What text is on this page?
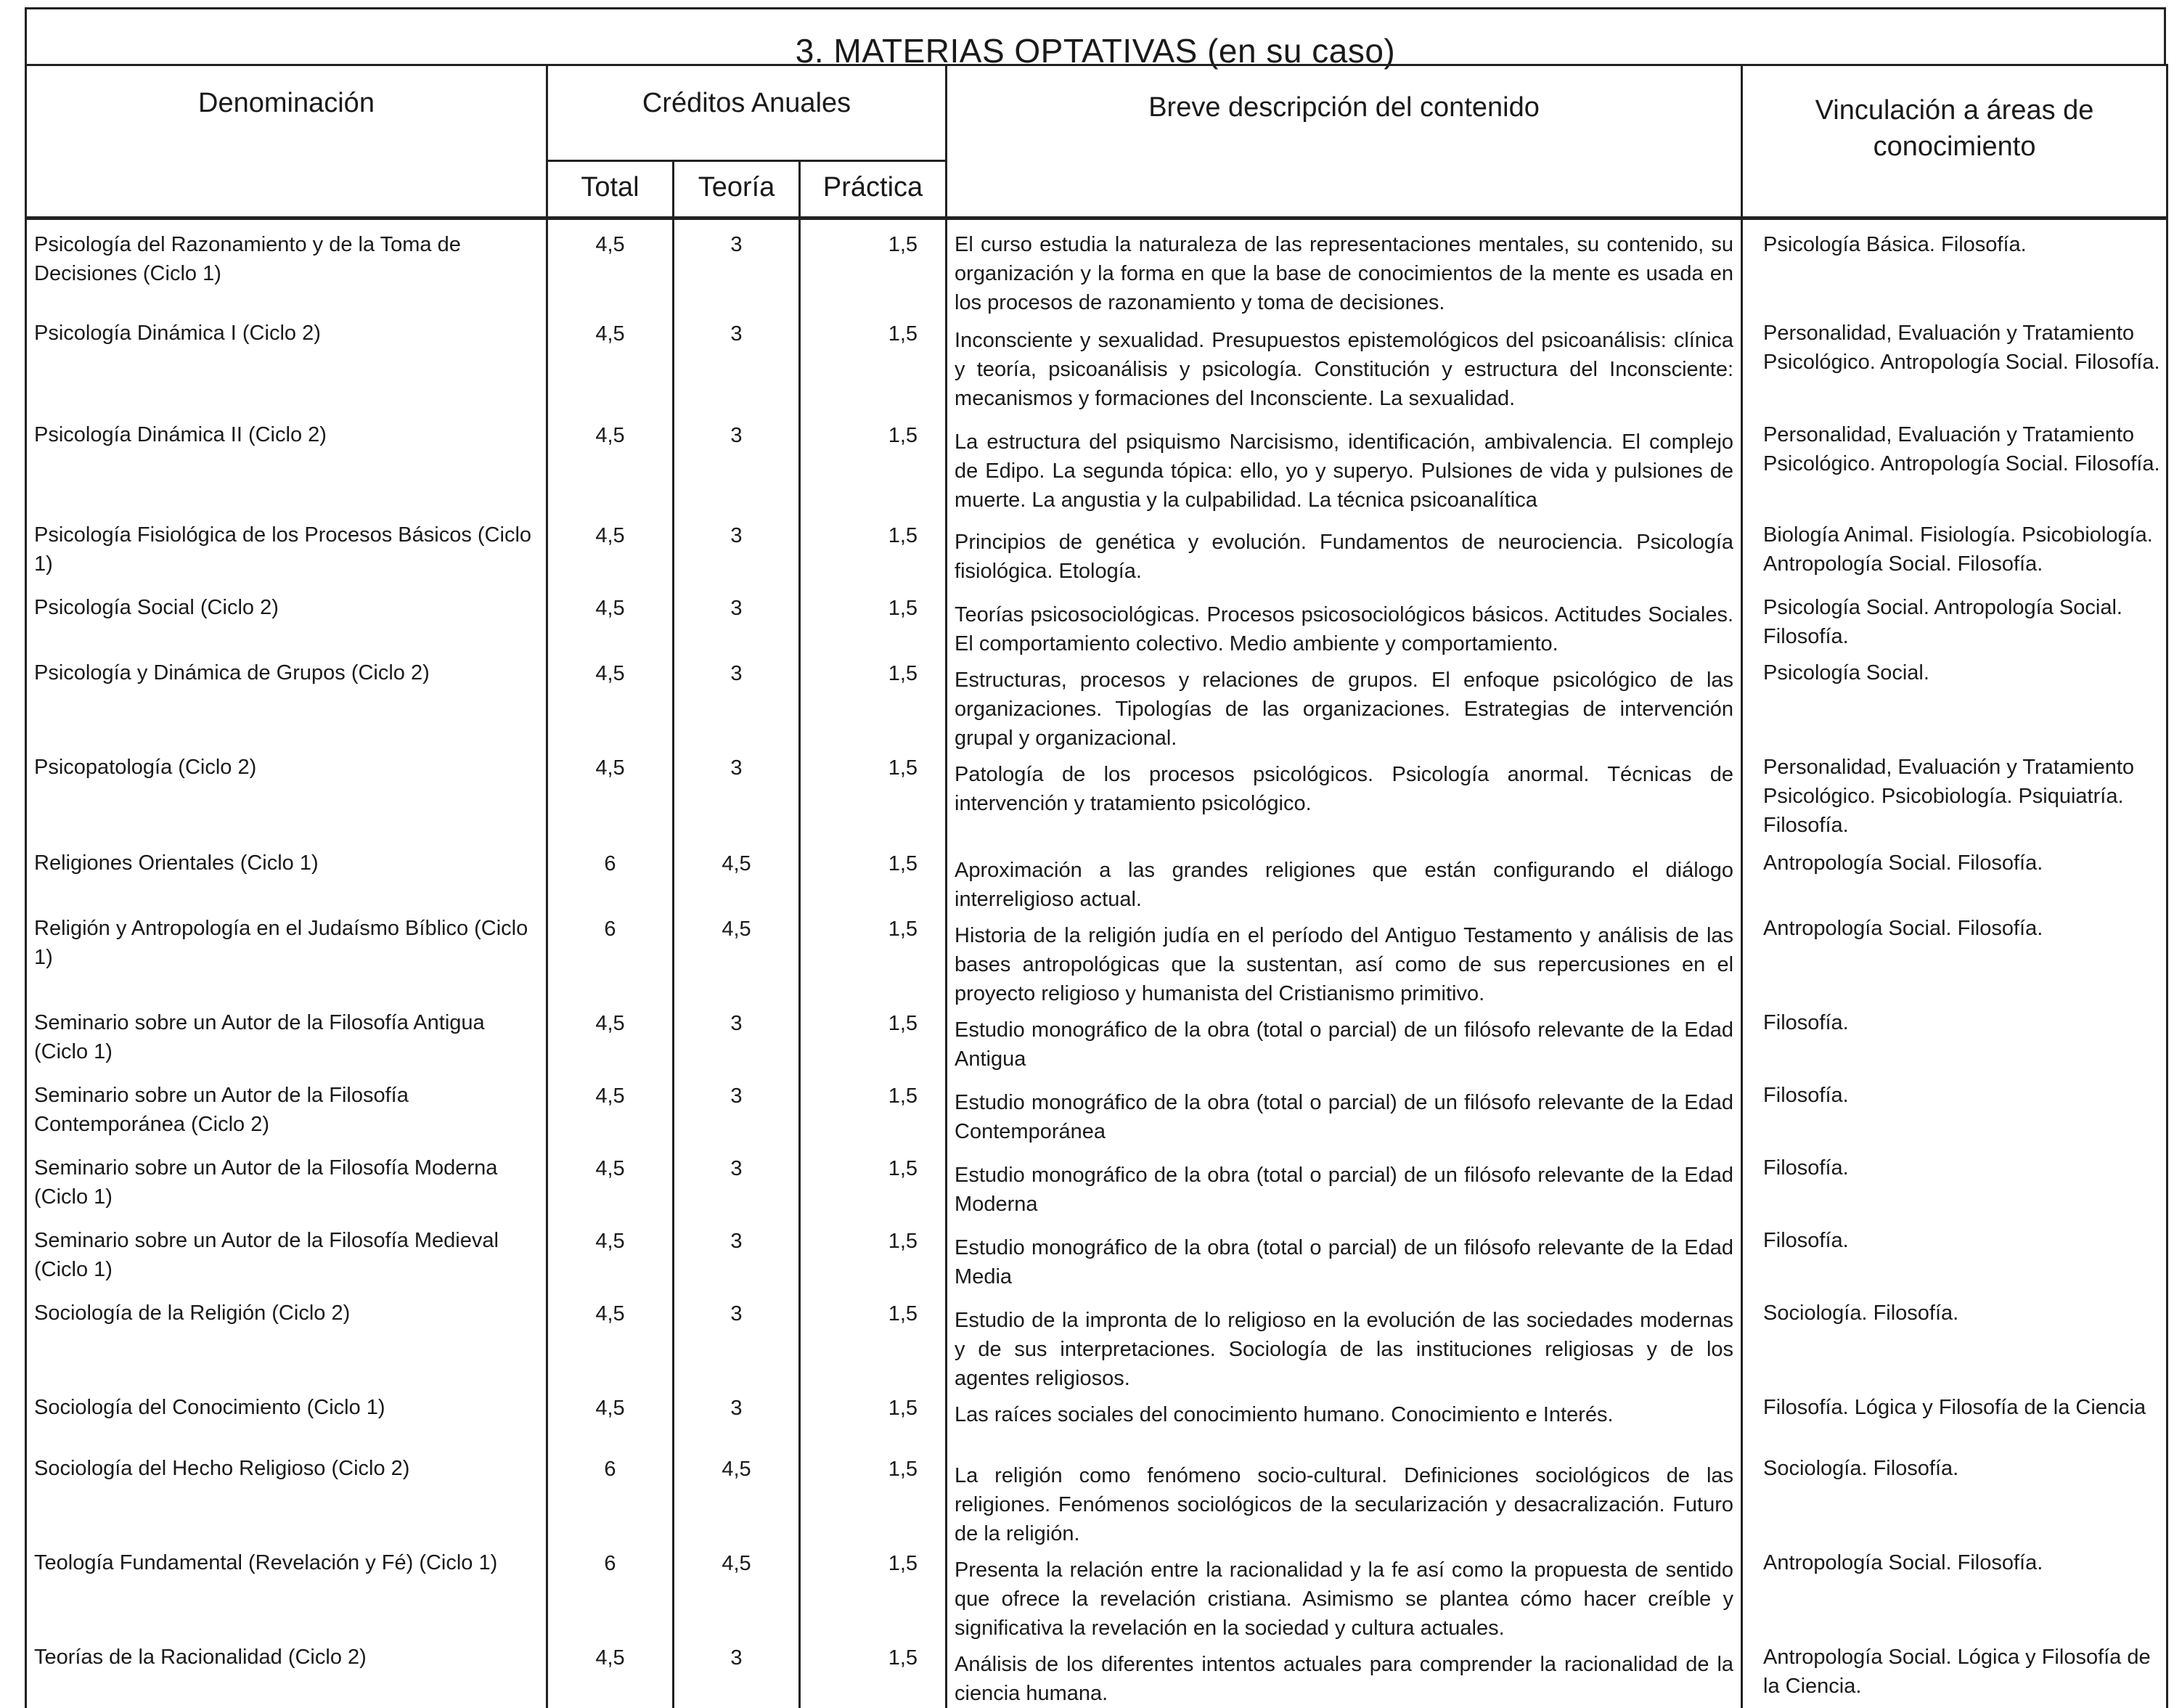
3. MATERIAS OPTATIVAS (en su caso)
Denominación	Créditos Anuales			Breve descripción del contenido	Vinculación a áreas de conocimiento
	Total	Teoría	Práctica		
Psicología del Razonamiento y de la Toma de Decisiones (Ciclo 1)	4,5	3	1,5	El curso estudia la naturaleza de las representaciones mentales, su contenido, su organización y la forma en que la base de conocimientos de la mente es usada en los procesos de razonamiento y toma de decisiones.	Psicología Básica. Filosofía.
Psicología Dinámica I (Ciclo 2)	4,5	3	1,5	Inconsciente y sexualidad. Presupuestos epistemológicos del psicoanálisis: clínica y teoría, psicoanálisis y psicología. Constitución y estructura del Inconsciente: mecanismos y formaciones del Inconsciente. La sexualidad.	Personalidad, Evaluación y Tratamiento Psicológico. Antropología Social. Filosofía.
Psicología Dinámica II (Ciclo 2)	4,5	3	1,5	La estructura del psiquismo Narcisismo, identificación, ambivalencia. El complejo de Edipo. La segunda tópica: ello, yo y superyo. Pulsiones de vida y pulsiones de muerte. La angustia y la culpabilidad. La técnica psicoanalítica	Personalidad, Evaluación y Tratamiento Psicológico. Antropología Social. Filosofía.
Psicología Fisiológica de los Procesos Básicos (Ciclo 1)	4,5	3	1,5	Principios de genética y evolución. Fundamentos de neurociencia. Psicología fisiológica. Etología.	Biología Animal. Fisiología. Psicobiología. Antropología Social. Filosofía.
Psicología Social (Ciclo 2)	4,5	3	1,5	Teorías psicosociológicas. Procesos psicosociológicos básicos. Actitudes Sociales. El comportamiento colectivo. Medio ambiente y comportamiento.	Psicología Social. Antropología Social. Filosofía.
Psicología y Dinámica de Grupos (Ciclo 2)	4,5	3	1,5	Estructuras, procesos y relaciones de grupos. El enfoque psicológico de las organizaciones. Tipologías de las organizaciones. Estrategias de intervención grupal y organizacional.	Psicología Social.
Psicopatología (Ciclo 2)	4,5	3	1,5	Patología de los procesos psicológicos. Psicología anormal. Técnicas de intervención y tratamiento psicológico.	Personalidad, Evaluación y Tratamiento Psicológico. Psicobiología. Psiquiatría. Filosofía.
Religiones Orientales (Ciclo 1)	6	4,5	1,5	Aproximación a las grandes religiones que están configurando el diálogo interreligioso actual.	Antropología Social. Filosofía.
Religión y Antropología en el Judaísmo Bíblico (Ciclo 1)	6	4,5	1,5	Historia de la religión judía en el período del Antiguo Testamento y análisis de las bases antropológicas que la sustentan, así como de sus repercusiones en el proyecto religioso y humanista del Cristianismo primitivo.	Antropología Social. Filosofía.
Seminario sobre un Autor de la Filosofía Antigua (Ciclo 1)	4,5	3	1,5	Estudio monográfico de la obra (total o parcial) de un filósofo relevante de la Edad Antigua	Filosofía.
Seminario sobre un Autor de la Filosofía Contemporánea (Ciclo 2)	4,5	3	1,5	Estudio monográfico de la obra (total o parcial) de un filósofo relevante de la Edad Contemporánea	Filosofía.
Seminario sobre un Autor de la Filosofía Moderna (Ciclo 1)	4,5	3	1,5	Estudio monográfico de la obra (total o parcial) de un filósofo relevante de la Edad Moderna	Filosofía.
Seminario sobre un Autor de la Filosofía Medieval (Ciclo 1)	4,5	3	1,5	Estudio monográfico de la obra (total o parcial) de un filósofo relevante de la Edad Media	Filosofía.
Sociología de la Religión (Ciclo 2)	4,5	3	1,5	Estudio de la impronta de lo religioso en la evolución de las sociedades modernas y de sus interpretaciones. Sociología de las instituciones religiosas y de los agentes religiosos.	Sociología. Filosofía.
Sociología del Conocimiento (Ciclo 1)	4,5	3	1,5	Las raíces sociales del conocimiento humano. Conocimiento e Interés.	Filosofía. Lógica y Filosofía de la Ciencia
Sociología del Hecho Religioso (Ciclo 2)	6	4,5	1,5	La religión como fenómeno socio-cultural. Definiciones sociológicos de las religiones. Fenómenos sociológicos de la secularización y desacralización. Futuro de la religión.	Sociología. Filosofía.
Teología Fundamental (Revelación y Fé) (Ciclo 1)	6	4,5	1,5	Presenta la relación entre la racionalidad y la fe así como la propuesta de sentido que ofrece la revelación cristiana. Asimismo se plantea cómo hacer creíble y significativa la revelación en la sociedad y cultura actuales.	Antropología Social. Filosofía.
Teorías de la Racionalidad (Ciclo 2)	4,5	3	1,5	Análisis de los diferentes intentos actuales para comprender la racionalidad de la ciencia humana.	Antropología Social. Lógica y Filosofía de la Ciencia.
